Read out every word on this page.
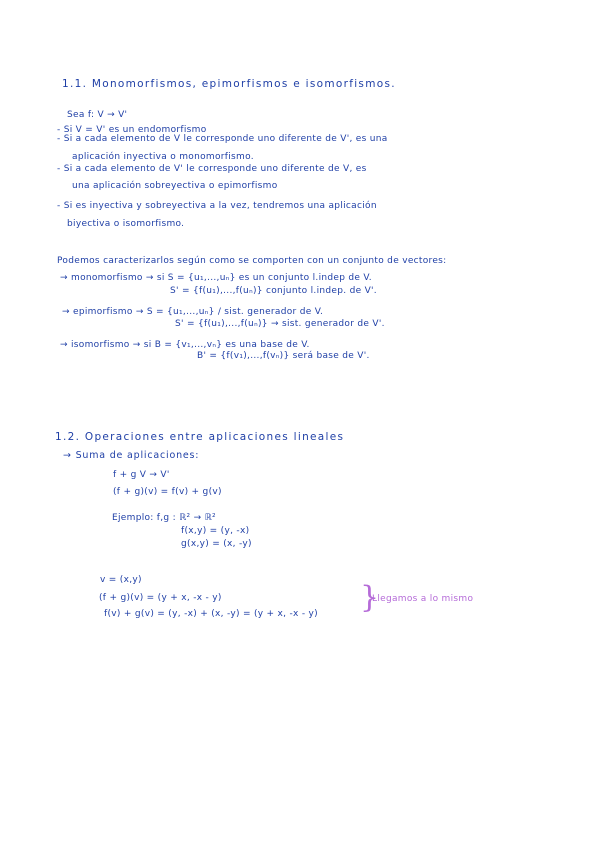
1.1. Monomorfismos, epimorfismos e isomorfismos.
Sea f: V → V'
- Si V = V' es un endomorfismo
- Si a cada elemento de V le corresponde uno diferente de V', es una
aplicación inyectiva o monomorfismo.
- Si a cada elemento de V' le corresponde uno diferente de V, es
una aplicación sobreyectiva o epimorfismo
- Si es inyectiva y sobreyectiva a la vez, tendremos una aplicación
biyectiva o isomorfismo.
Podemos caracterizarlos según como se comporten con un conjunto de vectores:
→ monomorfismo → si S = {u₁,...,uₙ} es un conjunto l.indep de V.
S' = {f(u₁),...,f(uₙ)} conjunto l.indep. de V'.
→ epimorfismo → S = {u₁,...,uₙ} / sist. generador de V.
S' = {f(u₁),...,f(uₙ)} → sist. generador de V'.
→ isomorfismo → si B = {v₁,...,vₙ} es una base de V.
B' = {f(v₁),...,f(vₙ)} será base de V'.
1.2. Operaciones entre aplicaciones lineales
→ Suma de aplicaciones:
f + g V → V'
(f + g)(v) = f(v) + g(v)
Ejemplo: f,g : ℝ² → ℝ²
f(x,y) = (y, -x)
g(x,y) = (x, -y)
v = (x,y)
(f + g)(v) = (y + x, -x - y)
f(v) + g(v) = (y, -x) + (x, -y) = (y + x, -x - y) }
Llegamos a lo mismo
